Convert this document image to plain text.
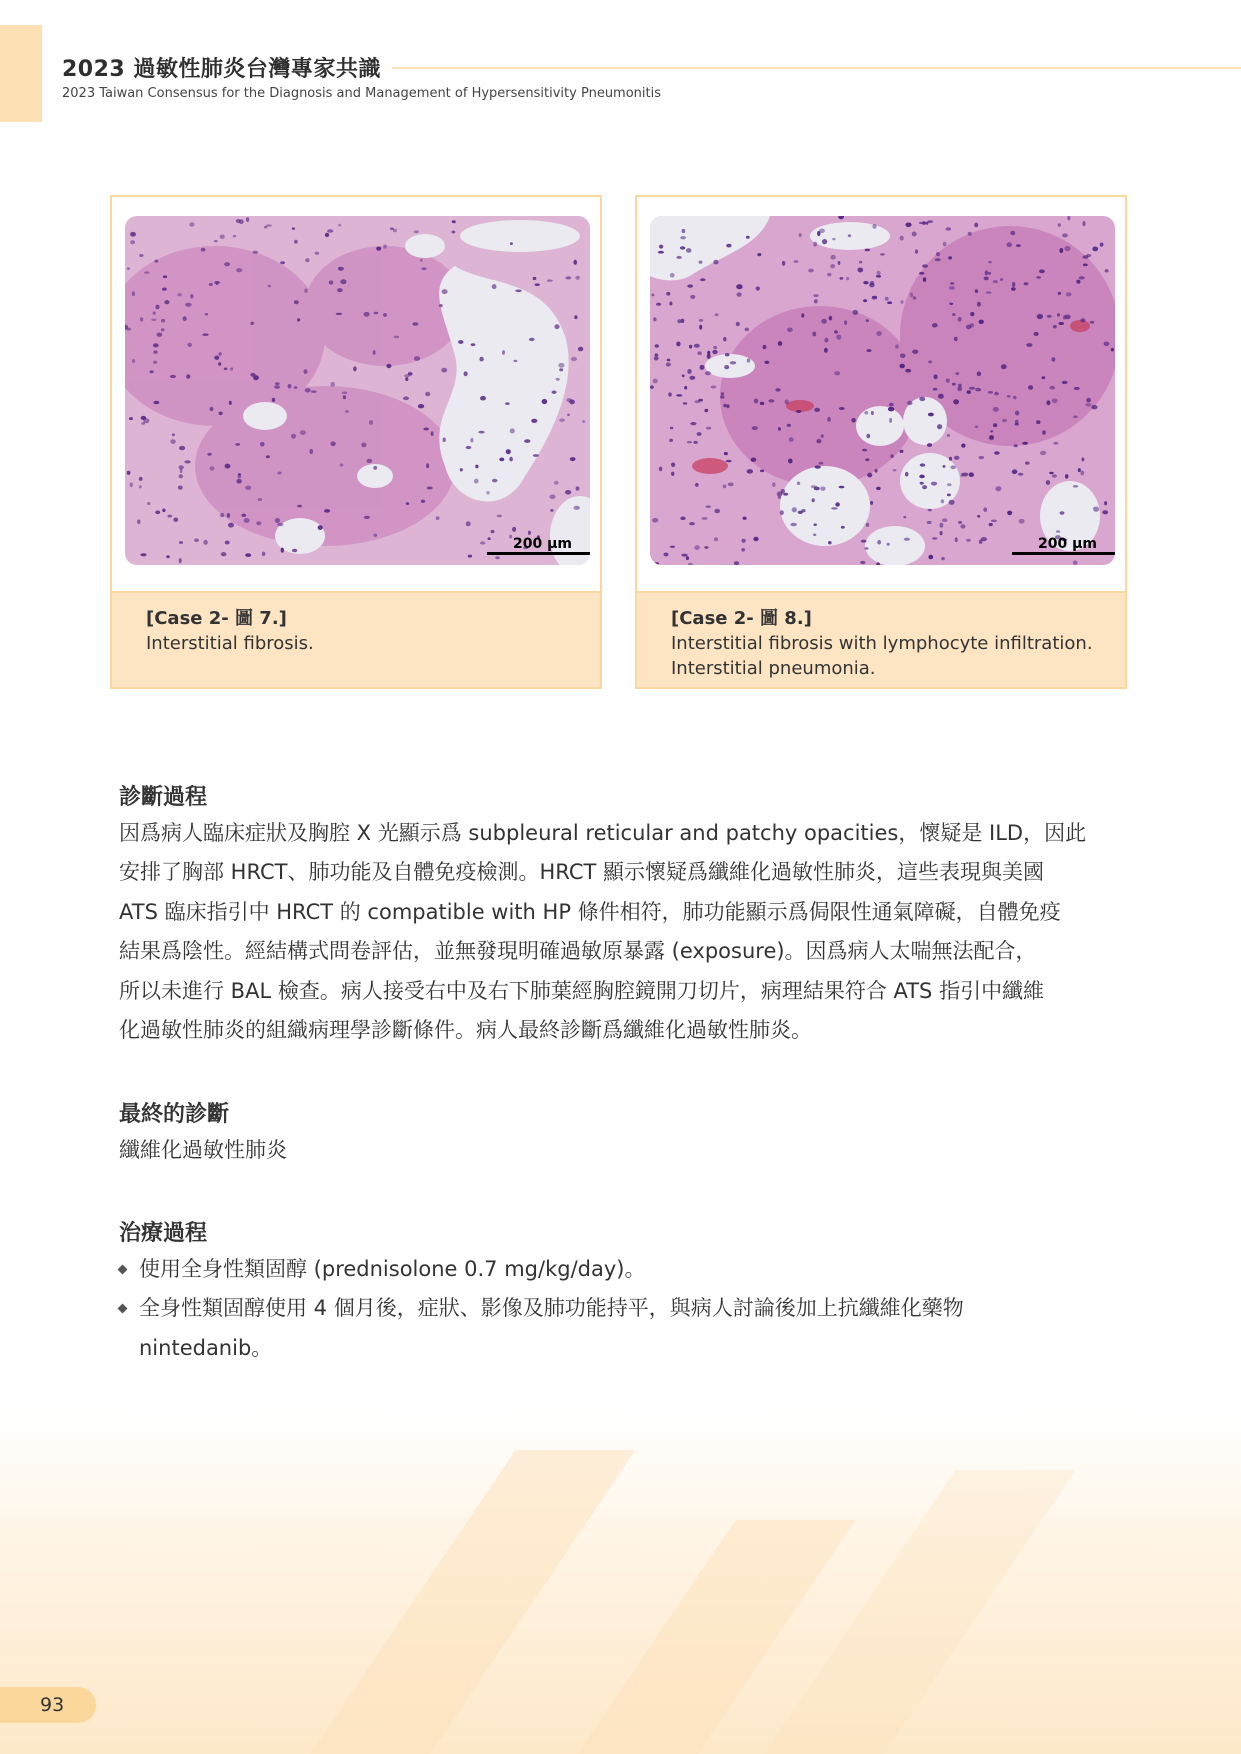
2023 過敏性肺炎台灣專家共識
2023 Taiwan Consensus for the Diagnosis and Management of Hypersensitivity Pneumonitis
200 μm
[Case 2- 圖 7.]
Interstitial fibrosis.
200 μm
[Case 2- 圖 8.]
Interstitial fibrosis with lymphocyte infiltration.
Interstitial pneumonia.
診斷過程
因爲病人臨床症狀及胸腔 X 光顯示爲 subpleural reticular and patchy opacities，懷疑是 ILD，因此
安排了胸部 HRCT、肺功能及自體免疫檢測。HRCT 顯示懷疑爲纖維化過敏性肺炎，這些表現與美國
ATS 臨床指引中 HRCT 的 compatible with HP 條件相符，肺功能顯示爲侷限性通氣障礙，自體免疫
結果爲陰性。經結構式問卷評估，並無發現明確過敏原暴露 (exposure)。因爲病人太喘無法配合，
所以未進行 BAL 檢查。病人接受右中及右下肺葉經胸腔鏡開刀切片，病理結果符合 ATS 指引中纖維
化過敏性肺炎的組織病理學診斷條件。病人最終診斷爲纖維化過敏性肺炎。
最終的診斷
纖維化過敏性肺炎
治療過程
使用全身性類固醇 (prednisolone 0.7 mg/kg/day)。
全身性類固醇使用 4 個月後，症狀、影像及肺功能持平，與病人討論後加上抗纖維化藥物
nintedanib。
93
